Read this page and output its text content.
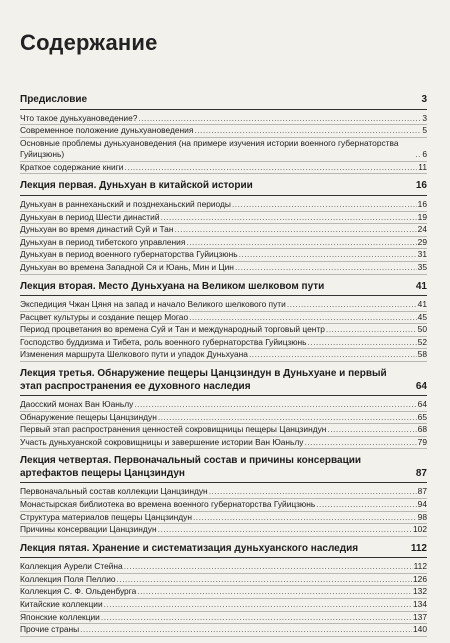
Содержание
Предисловие	3
Что такое дуньхуановедение? .....	3
Современное положение дуньхуановедения .....	5
Основные проблемы дуньхуановедения (на примере изучения истории военного губернаторства Гуйицзюнь) .....	6
Краткое содержание книги .....	11
Лекция первая. Дуньхуан в китайской истории	16
Дуньхуан в раннеханьский и позднеханьский периоды .....	16
Дуньхуан в период Шести династий .....	19
Дуньхуан во время династий Суй и Тан .....	24
Дуньхуан в период тибетского управления .....	29
Дуньхуан в период военного губернаторства Гуйицзюнь .....	31
Дуньхуан во времена Западной Ся и Юань, Мин и Цин .....	35
Лекция вторая. Место Дуньхуана на Великом шелковом пути	41
Экспедиция Чжан Цяня на запад и начало Великого шелкового пути .....	41
Расцвет культуры и создание пещер Могао .....	45
Период процветания во времена Суй и Тан и международный торговый центр .....	50
Господство буддизма и Тибета, роль военного губернаторства Гуйицзюнь .....	52
Изменения маршрута Шелкового пути и упадок Дуньхуана .....	58
Лекция третья. Обнаружение пещеры Цанцзиндун в Дуньхуане и первый этап распространения ее духовного наследия	64
Даосский монах Ван Юаньлу .....	64
Обнаружение пещеры Цанцзиндун .....	65
Первый этап распространения ценностей сокровищницы пещеры Цанцзиндун .....	68
Участь дуньхуанской сокровищницы и завершение истории Ван Юаньлу .....	79
Лекция четвертая. Первоначальный состав и причины консервации артефактов пещеры Цанцзиндун	87
Первоначальный состав коллекции Цанцзиндун .....	87
Монастырская библиотека во времена военного губернаторства Гуйицзюнь .....	94
Структура материалов пещеры Цанцзиндун .....	98
Причины консервации Цанцзиндун .....	102
Лекция пятая. Хранение и систематизация дуньхуанского наследия	112
Коллекция Аурели Стейна .....	112
Коллекция Поля Пеллио .....	126
Коллекция С. Ф. Ольденбурга .....	132
Китайские коллекции .....	134
Японские коллекции .....	137
Прочие страны .....	140
